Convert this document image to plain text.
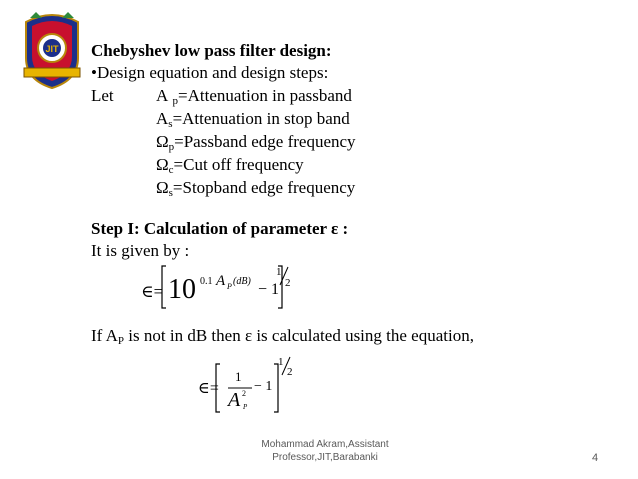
JIT Chebyshev low pass filter design:
•Design equation and design steps:
Let A $_p$=Attenuation in passband
$A_s=Attenuation$ in stop band
$\Omega_p=Passband$ edge frequency
$\Omega_c=Cut$ off frequency
$\Omega_s=Stopband$ edge frequency
Step I: Calculation of parameter ε :
It is given by :
∈= 10 0.1 A P (dB) − 1
1
2
If $A_P$ is not in dB then ε is calculated using the equation,
∈=
1
A 2
P
− 1
1
2
Mohammad Akram,Assistant
Professor,JIT,Barabanki	4
